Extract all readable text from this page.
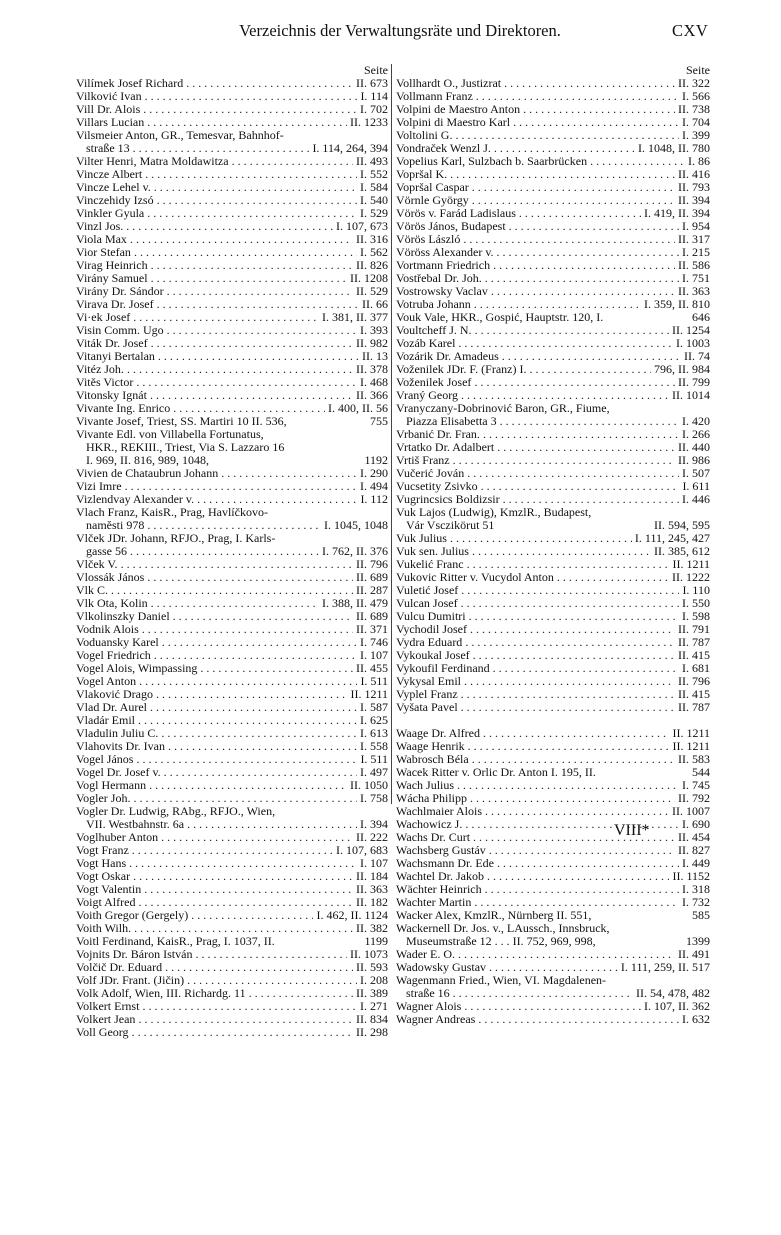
Verzeichnis der Verwaltungsräte und Direktoren.	CXV
Seite
Vilímek Josef Richard . . .	II. 673
Vilković Ivan . . .	I. 114
Vill Dr. Alois . . .	I. 702
Villars Lucian . . .	II. 1233
Vilsmeier Anton, GR., Temesvar, Bahnhof-
straße 13 . . .	I. 114, 264, 394
Vilter Henri, Matra Moldawitza . . .	II. 493
Vincze Albert . . .	I. 552
Vincze Lehel v. . . .	I. 584
Vinczehidy Izsó . . .	I. 540
Vinkler Gyula . . .	I. 529
Vinzl Jos. . . .	I. 107, 673
Viola Max . . .	II. 316
Vior Stefan . . .	I. 562
Virag Heinrich . . .	II. 826
Virány Samuel . . .	II. 1208
Virány Dr. Sándor . . .	II. 529
Virava Dr. Josef . . .	II. 66
Vi·ek Josef . . .	I. 381, II. 377
Visin Comm. Ugo . . .	I. 393
Viták Dr. Josef . . .	II. 982
Vitanyi Bertalan . . .	II. 13
Vitéz Joh. . . .	II. 378
Vitěs Victor . . .	I. 468
Vitonsky Ignát . . .	II. 366
Vivante Ing. Enrico . . .	I. 400, II. 56
Vivante Josef, Triest, SS. Martiri 10 II. 536,	755
Vivante Edl. von Villabella Fortunatus,
HKR., REKIII., Triest, Via S. Lazzaro 16
I. 969, II. 816, 989, 1048,	1192
Vivien de Chataubrun Johann . . .	I. 290
Vizi Imre . . .	I. 494
Vizlendvay Alexander v. . . .	I. 112
Vlach Franz, KaisR., Prag, Havlíčkovo-
namĕsti 978 . . .	I. 1045, 1048
Vlček JDr. Johann, RFJO., Prag, I. Karls-
gasse 56 . . .	I. 762, II. 376
Vlček V. . . .	II. 796
Vlossák János . . .	II. 689
Vlk C. . . .	II. 287
Vlk Ota, Kolin . . .	I. 388, II. 479
Vlkolinszky Daniel . . .	II. 689
Vodnik Alois . . .	II. 371
Voduansky Karel . . .	I. 746
Vogel Friedrich . . .	I. 107
Vogel Alois, Wimpassing . . .	II. 455
Vogel Anton . . .	I. 511
Vlaković Drago . . .	II. 1211
Vlad Dr. Aurel . . .	I. 587
Vladár Emil . . .	I. 625
Vladulin Juliu C. . . .	I. 613
Vlahovits Dr. Ivan . . .	I. 558
Vogel János . . .	I. 511
Vogel Dr. Josef v. . . .	I. 497
Vogl Hermann . . .	II. 1050
Vogler Joh. . . .	I. 758
Vogler Dr. Ludwig, RAbg., RFJO., Wien,
VII. Westbahnstr. 6a . . .	I. 394
Voglhuber Anton . . .	II. 222
Vogt Franz . . .	I. 107, 683
Vogt Hans . . .	I. 107
Vogt Oskar . . .	II. 184
Vogt Valentin . . .	II. 363
Voigt Alfred . . .	II. 182
Voith Gregor (Gergely) . . .	I. 462, II. 1124
Voith Wilh. . . .	II. 382
Voitl Ferdinand, KaisR., Prag, I. 1037, II.	1199
Vojnits Dr. Báron István . . .	II. 1073
Volčič Dr. Eduard . . .	II. 593
Volf JDr. Frant. (Jičin) . . .	I. 208
Volk Adolf, Wien, III. Richardg. 11 . . .	II. 389
Volkert Ernst . . .	I. 271
Volkert Jean . . .	II. 834
Voll Georg . . .	II. 298
Seite
Vollhardt O., Justizrat . . .	II. 322
Vollmann Franz . . .	I. 566
Volpini de Maestro Anton . . .	II. 738
Volpini di Maestro Karl . . .	I. 704
Voltolini G. . . .	I. 399
Vondraček Wenzl J. . . .	I. 1048, II. 780
Vopelius Karl, Sulzbach b. Saarbrücken . . .	I. 86
Vopršal K. . . .	II. 416
Vopršal Caspar . . .	II. 793
Vörnle György . . .	II. 394
Vörös v. Farád Ladislaus . . .	I. 419, II. 394
Vörös János, Budapest . . .	I. 954
Vörös László . . .	II. 317
Vöröss Alexander v. . . .	I. 215
Vortmann Friedrich . . .	II. 586
Vostřebal Dr. Joh. . . .	I. 751
Vostrowsky Vaclav . . .	II. 363
Votruba Johann . . .	I. 359, II. 810
Vouk Vale, HKR., Gospić, Hauptstr. 120, I.	646
Voultcheff J. N. . . .	II. 1254
Vozáb Karel . . .	I. 1003
Vozárik Dr. Amadeus . . .	II. 74
Voženilek JDr. F. (Franz) I. . . .	796, II. 984
Voženilek Josef . . .	II. 799
Vraný Georg . . .	II. 1014
Vranyczany-Dobrinović Baron, GR., Fiume,
Piazza Elisabetta 3 . . .	I. 420
Vrbanić Dr. Fran. . . .	I. 266
Vrtatko Dr. Adalbert . . .	II. 440
Vrtiš Franz . . .	II. 986
Vučerić Jován . . .	I. 507
Vucsetity Zsivko . . .	I. 611
Vugrincsics Boldizsir . . .	I. 446
Vuk Lajos (Ludwig), KmzlR., Budapest,
Vár Vsczikörut 51	II. 594, 595
Vuk Julius . . .	I. 111, 245, 427
Vuk sen. Julius . . .	II. 385, 612
Vukelić Franc . . .	II. 1211
Vukovic Ritter v. Vucydol Anton . . .	II. 1222
Vuletić Josef . . .	I. 110
Vulcan Josef . . .	I. 550
Vulcu Dumitri . . .	I. 598
Vychodil Josef . . .	II. 791
Vydra Eduard . . .	II. 787
Vykoukal Josef . . .	II. 415
Vykoufil Ferdinand . . .	I. 681
Vykysal Emil . . .	II. 796
Vyplel Franz . . .	II. 415
Vyšata Pavel . . .	II. 787
Waage Dr. Alfred . . .	II. 1211
Waage Henrik . . .	II. 1211
Wabrosch Béla . . .	II. 583
Wacek Ritter v. Orlic Dr. Anton I. 195, II.	544
Wach Julius . . .	I. 745
Wácha Philipp . . .	II. 792
Wachlmaier Alois . . .	II. 1007
Wachowicz J. . . .	I. 690
Wachs Dr. Curt . . .	II. 454
Wachsberg Gustáv . . .	II. 827
Wachsmann Dr. Ede . . .	I. 449
Wachtel Dr. Jakob . . .	II. 1152
Wächter Heinrich . . .	I. 318
Wachter Martin . . .	I. 732
Wacker Alex, KmzlR., Nürnberg II. 551,	585
Wackernell Dr. Jos. v., LAussch., Innsbruck,
Museumstraße 12 . . . II. 752, 969, 998,	1399
Wader E. O. . . .	II. 491
Wadowsky Gustav . . .	I. 111, 259, II. 517
Wagenmann Fried., Wien, VI. Magdalenen-
straße 16 . . .	II. 54, 478, 482
Wagner Alois . . .	I. 107, II. 362
Wagner Andreas . . .	I. 632
VIII*
